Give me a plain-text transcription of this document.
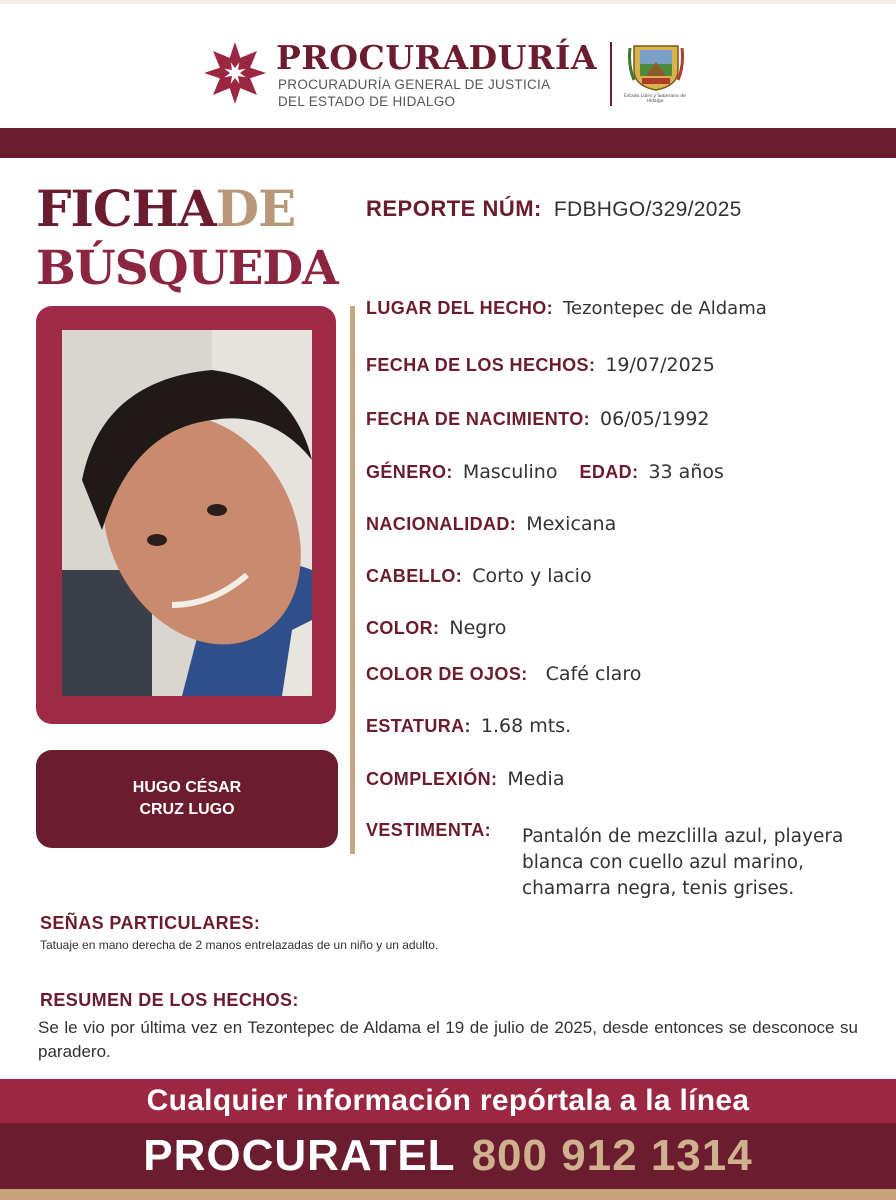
PROCURADURÍA
PROCURADURÍA GENERAL DE JUSTICIA
DEL ESTADO DE HIDALGO	Estado Libre y Soberano de Hidalgo
FICHADE
BÚSQUEDA
HUGO CÉSAR
CRUZ LUGO
REPORTE NÚM: FDBHGO/329/2025
LUGAR DEL HECHO: Tezontepec de Aldama
FECHA DE LOS HECHOS: 19/07/2025
FECHA DE NACIMIENTO: 06/05/1992
GÉNERO: Masculino EDAD: 33 años
NACIONALIDAD: Mexicana
CABELLO: Corto y lacio
COLOR: Negro
COLOR DE OJOS: Café claro
ESTATURA: 1.68 mts.
COMPLEXIÓN: Media
VESTIMENTA: Pantalón de mezclilla azul, playera blanca con cuello azul marino, chamarra negra, tenis grises.
SEÑAS PARTICULARES:
Tatuaje en mano derecha de 2 manos entrelazadas de un niño y un adulto.
RESUMEN DE LOS HECHOS:
Se le vio por última vez en Tezontepec de Aldama el 19 de julio de 2025, desde entonces se desconoce su paradero.
Cualquier información repórtala a la línea
PROCURATEL 800 912 1314
